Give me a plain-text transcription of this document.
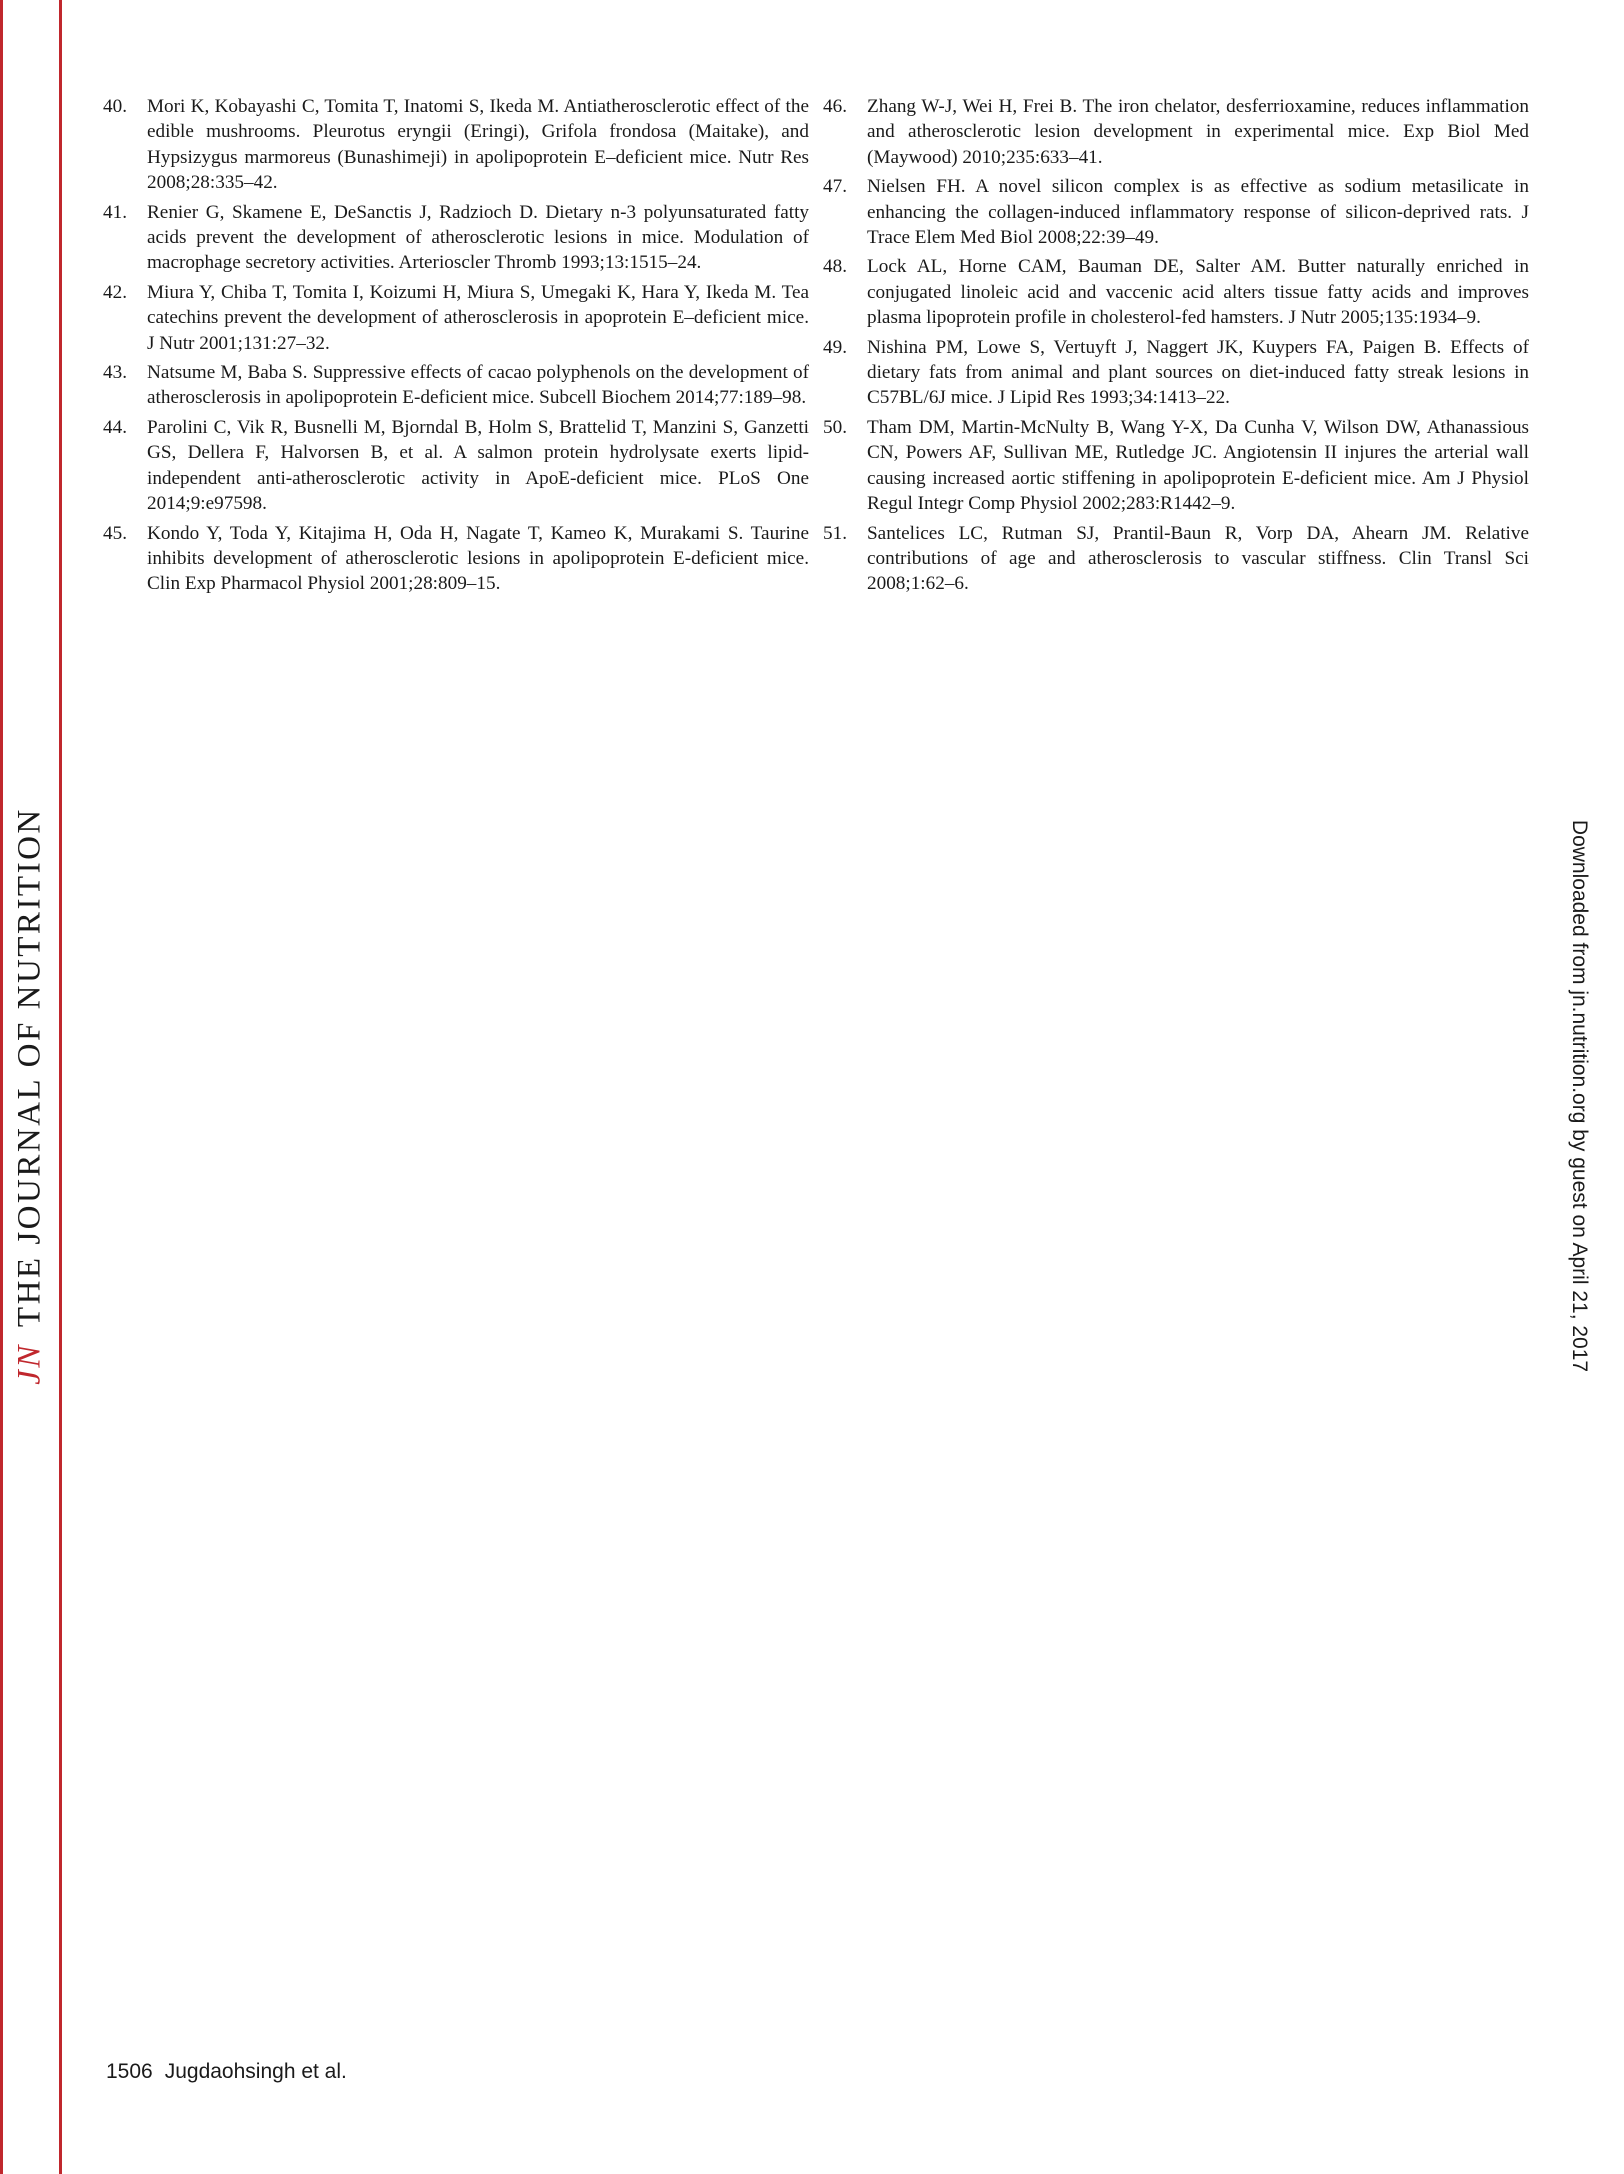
JNTHE JOURNAL OF NUTRITION	Downloaded from jn.nutrition.org by guest on April 21, 2017
40.	Mori K, Kobayashi C, Tomita T, Inatomi S, Ikeda M. Antiatherosclerotic effect of the edible mushrooms. Pleurotus eryngii (Eringi), Grifola frondosa (Maitake), and Hypsizygus marmoreus (Bunashimeji) in apolipoprotein E–deficient mice. Nutr Res 2008;28:335–42.
41.	Renier G, Skamene E, DeSanctis J, Radzioch D. Dietary n-3 polyunsaturated fatty acids prevent the development of atherosclerotic lesions in mice. Modulation of macrophage secretory activities. Arterioscler Thromb 1993;13:1515–24.
42.	Miura Y, Chiba T, Tomita I, Koizumi H, Miura S, Umegaki K, Hara Y, Ikeda M. Tea catechins prevent the development of atherosclerosis in apoprotein E–deficient mice. J Nutr 2001;131:27–32.
43.	Natsume M, Baba S. Suppressive effects of cacao polyphenols on the development of atherosclerosis in apolipoprotein E-deficient mice. Subcell Biochem 2014;77:189–98.
44.	Parolini C, Vik R, Busnelli M, Bjorndal B, Holm S, Brattelid T, Manzini S, Ganzetti GS, Dellera F, Halvorsen B, et al. A salmon protein hydrolysate exerts lipid-independent anti-atherosclerotic activity in ApoE-deficient mice. PLoS One 2014;9:e97598.
45.	Kondo Y, Toda Y, Kitajima H, Oda H, Nagate T, Kameo K, Murakami S. Taurine inhibits development of atherosclerotic lesions in apolipoprotein E-deficient mice. Clin Exp Pharmacol Physiol 2001;28:809–15.
46.	Zhang W-J, Wei H, Frei B. The iron chelator, desferrioxamine, reduces inflammation and atherosclerotic lesion development in experimental mice. Exp Biol Med (Maywood) 2010;235:633–41.
47.	Nielsen FH. A novel silicon complex is as effective as sodium metasilicate in enhancing the collagen-induced inflammatory response of silicon-deprived rats. J Trace Elem Med Biol 2008;22:39–49.
48.	Lock AL, Horne CAM, Bauman DE, Salter AM. Butter naturally enriched in conjugated linoleic acid and vaccenic acid alters tissue fatty acids and improves plasma lipoprotein profile in cholesterol-fed hamsters. J Nutr 2005;135:1934–9.
49.	Nishina PM, Lowe S, Vertuyft J, Naggert JK, Kuypers FA, Paigen B. Effects of dietary fats from animal and plant sources on diet-induced fatty streak lesions in C57BL/6J mice. J Lipid Res 1993;34:1413–22.
50.	Tham DM, Martin-McNulty B, Wang Y-X, Da Cunha V, Wilson DW, Athanassious CN, Powers AF, Sullivan ME, Rutledge JC. Angiotensin II injures the arterial wall causing increased aortic stiffening in apolipoprotein E-deficient mice. Am J Physiol Regul Integr Comp Physiol 2002;283:R1442–9.
51.	Santelices LC, Rutman SJ, Prantil-Baun R, Vorp DA, Ahearn JM. Relative contributions of age and atherosclerosis to vascular stiffness. Clin Transl Sci 2008;1:62–6.
1506 Jugdaohsingh et al.
